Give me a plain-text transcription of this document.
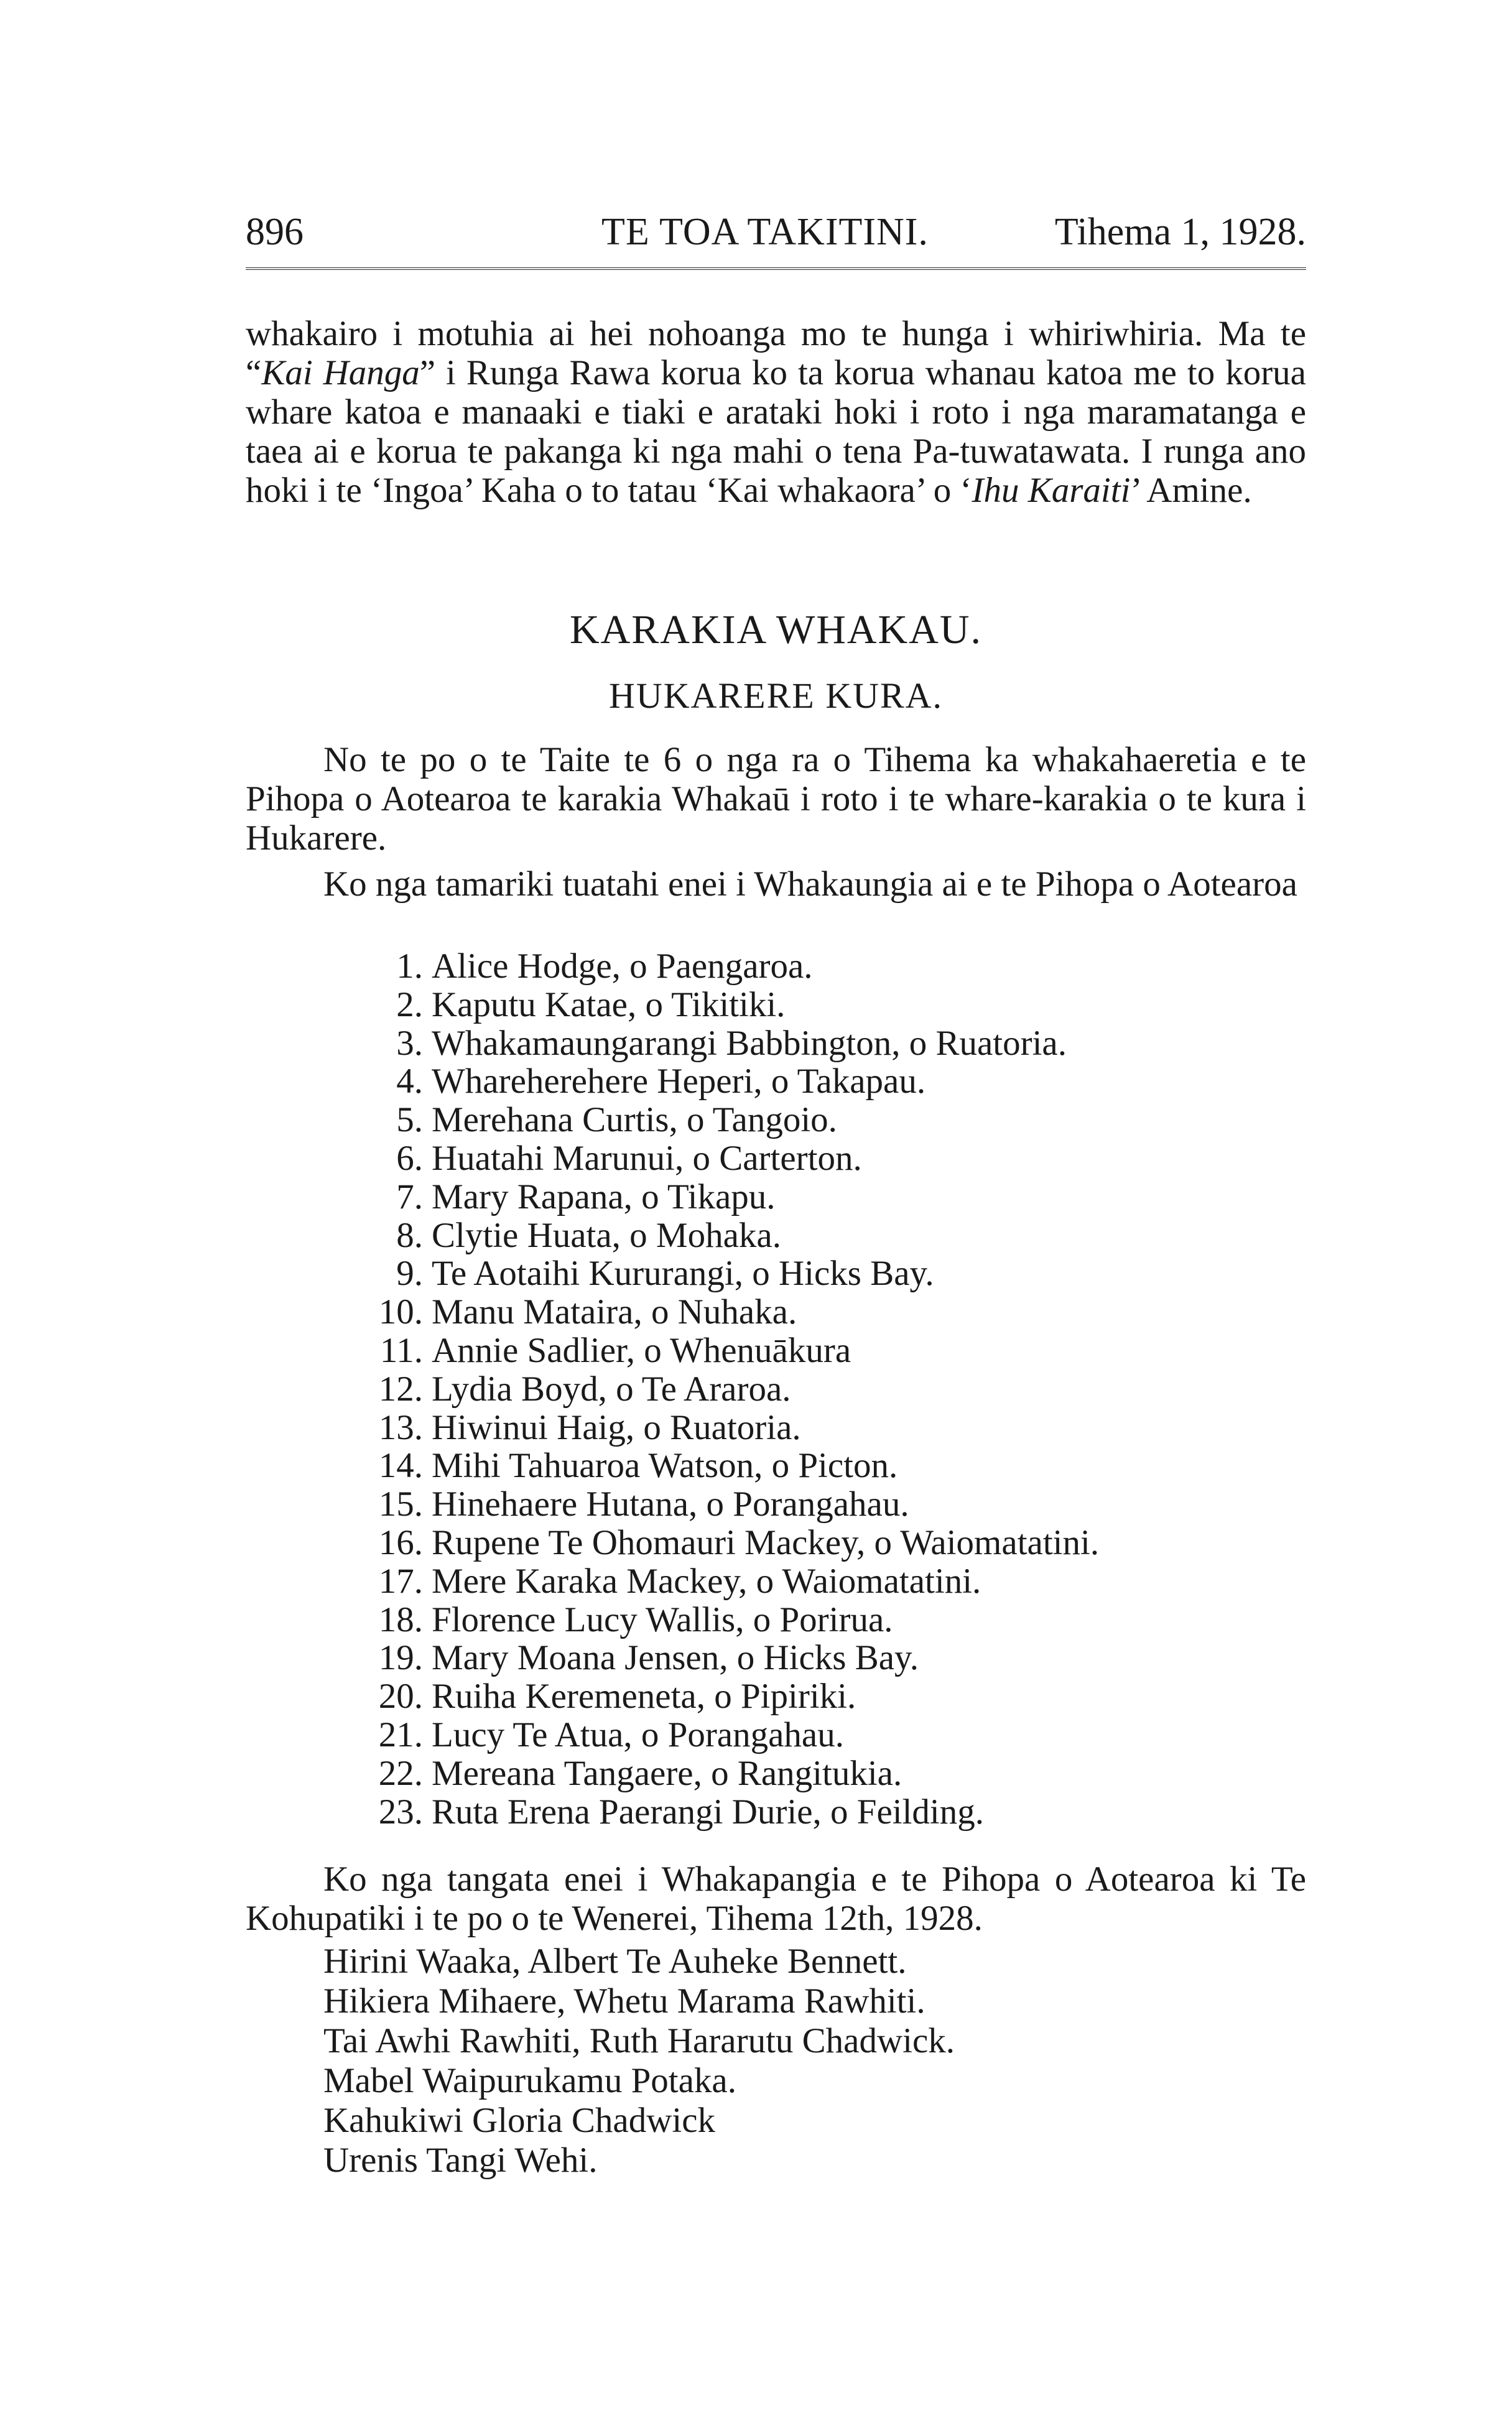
896	TE TOA TAKITINI.	Tihema 1, 1928.
whakairo i motuhia ai hei nohoanga mo te hunga i whiriwhiria. Ma te “Kai Hanga” i Runga Rawa korua ko ta korua whanau katoa me to korua whare katoa e manaaki e tiaki e arataki hoki i roto i nga maramatanga e taea ai e korua te pakanga ki nga mahi o tena Pa-tuwatawata. I runga ano hoki i te ‘Ingoa’ Kaha o to tatau ‘Kai whakaora’ o ‘Ihu Karaiti’ Amine.
KARAKIA WHAKAU.
HUKARERE KURA.
No te po o te Taite te 6 o nga ra o Tihema ka whakahaeretia e te Pihopa o Aotearoa te karakia Whakaū i roto i te whare-karakia o te kura i Hukarere.
Ko nga tamariki tuatahi enei i Whakaungia ai e te Pihopa o Aotearoa
1. Alice Hodge, o Paengaroa.
2. Kaputu Katae, o Tikitiki.
3. Whakamaungarangi Babbington, o Ruatoria.
4. Whareherehere Heperi, o Takapau.
5. Merehana Curtis, o Tangoio.
6. Huatahi Marunui, o Carterton.
7. Mary Rapana, o Tikapu.
8. Clytie Huata, o Mohaka.
9. Te Aotaihi Kururangi, o Hicks Bay.
10. Manu Mataira, o Nuhaka.
11. Annie Sadlier, o Whenuākura
12. Lydia Boyd, o Te Araroa.
13. Hiwinui Haig, o Ruatoria.
14. Mihi Tahuaroa Watson, o Picton.
15. Hinehaere Hutana, o Porangahau.
16. Rupene Te Ohomauri Mackey, o Waiomatatini.
17. Mere Karaka Mackey, o Waiomatatini.
18. Florence Lucy Wallis, o Porirua.
19. Mary Moana Jensen, o Hicks Bay.
20. Ruiha Keremeneta, o Pipiriki.
21. Lucy Te Atua, o Porangahau.
22. Mereana Tangaere, o Rangitukia.
23. Ruta Erena Paerangi Durie, o Feilding.
Ko nga tangata enei i Whakapangia e te Pihopa o Aotearoa ki Te Kohupatiki i te po o te Wenerei, Tihema 12th, 1928.
Hirini Waaka, Albert Te Auheke Bennett.
Hikiera Mihaere, Whetu Marama Rawhiti.
Tai Awhi Rawhiti, Ruth Hararutu Chadwick.
Mabel Waipurukamu Potaka.
Kahukiwi Gloria Chadwick
Urenis Tangi Wehi.
